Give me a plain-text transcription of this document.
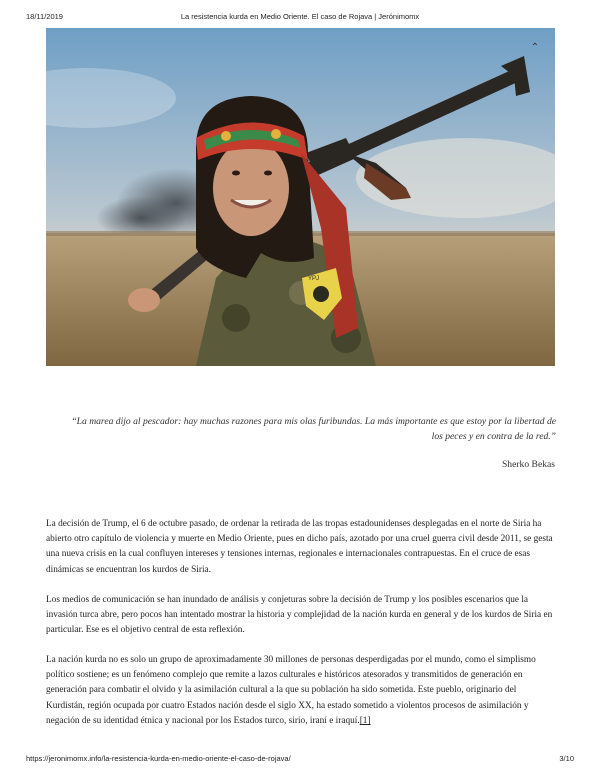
18/11/2019	La resistencia kurda en Medio Oriente. El caso de Rojava | Jerónimomx
YPJ
⌃
“La marea dijo al pescador: hay muchas razones para mis olas furibundas. La más importante es que estoy por la libertad de los peces y en contra de la red.”
Sherko Bekas
La decisión de Trump, el 6 de octubre pasado, de ordenar la retirada de las tropas estadounidenses desplegadas en el norte de Siria ha abierto otro capítulo de violencia y muerte en Medio Oriente, pues en dicho país, azotado por una cruel guerra civil desde 2011, se gesta una nueva crisis en la cual confluyen intereses y tensiones internas, regionales e internacionales contrapuestas. En el cruce de esas dinámicas se encuentran los kurdos de Siria.
Los medios de comunicación se han inundado de análisis y conjeturas sobre la decisión de Trump y los posibles escenarios que la invasión turca abre, pero pocos han intentado mostrar la historia y complejidad de la nación kurda en general y de los kurdos de Siria en particular. Ese es el objetivo central de esta reflexión.
La nación kurda no es solo un grupo de aproximadamente 30 millones de personas desperdigadas por el mundo, como el simplismo político sostiene; es un fenómeno complejo que remite a lazos culturales e históricos atesorados y transmitidos de generación en generación para combatir el olvido y la asimilación cultural a la que su población ha sido sometida. Este pueblo, originario del Kurdistán, región ocupada por cuatro Estados nación desde el siglo XX, ha estado sometido a violentos procesos de asimilación y negación de su identidad étnica y nacional por los Estados turco, sirio, iraní e iraquí.[1]
https://jeronimomx.info/la-resistencia-kurda-en-medio-oriente-el-caso-de-rojava/	3/10
